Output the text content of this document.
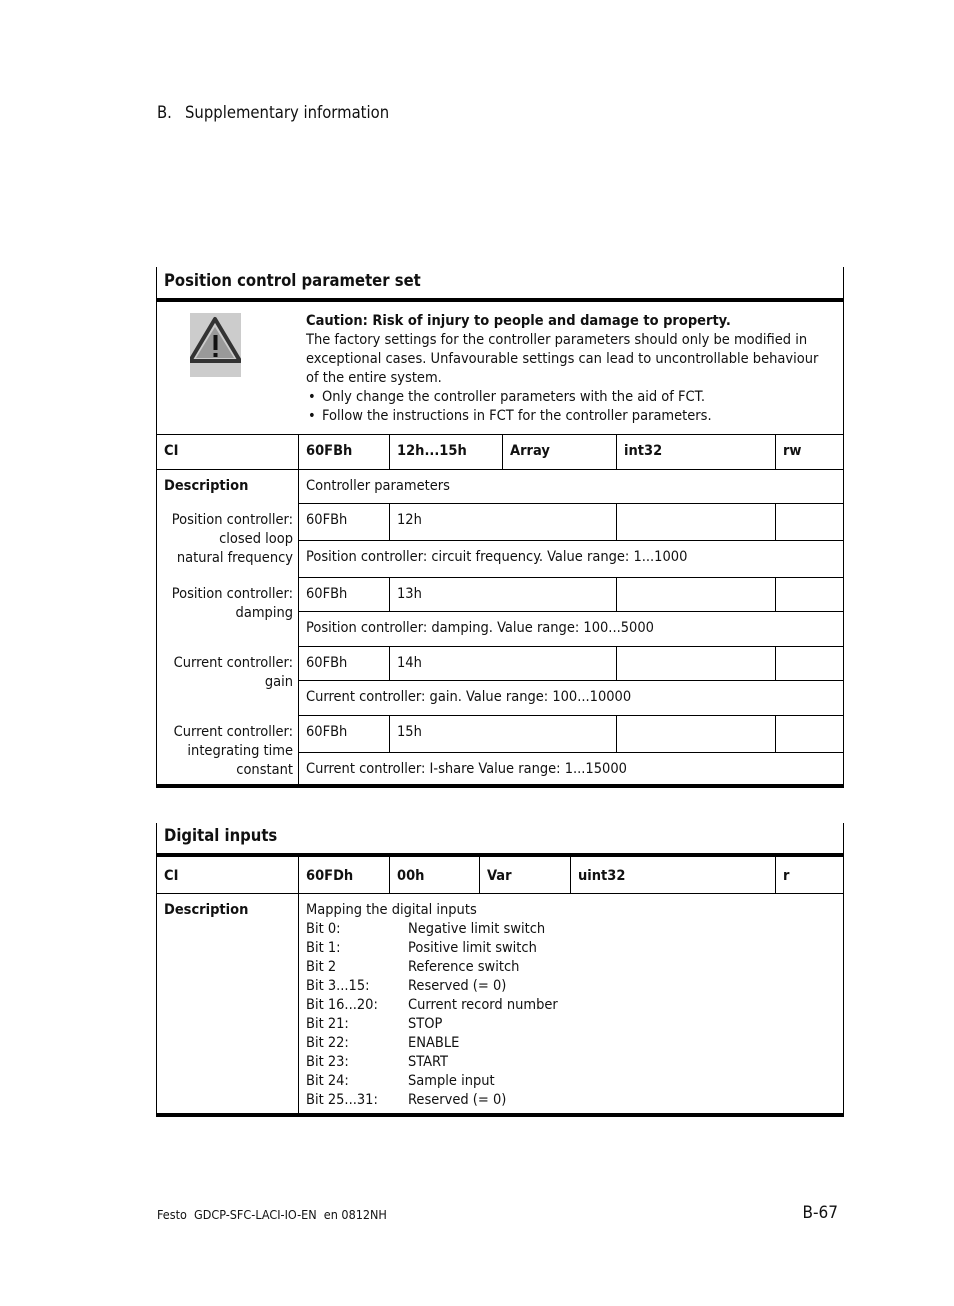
B. Supplementary information
Position control parameter set
Caution: Risk of injury to people and damage to property.
The factory settings for the controller parameters should only be modified in
exceptional cases. Unfavourable settings can lead to uncontrollable behaviour
of the entire system.
• Only change the controller parameters with the aid of FCT.
• Follow the instructions in FCT for the controller parameters.
CI	60FBh	12h...15h	Array	int32	rw
Description	Controller parameters
Position controller:
closed loop
natural frequency
60FBh	12h
Position controller: circuit frequency. Value range: 1...1000
Position controller:
damping
60FBh	13h
Position controller: damping. Value range: 100...5000
Current controller:
gain
60FBh	14h
Current controller: gain. Value range: 100...10000
Current controller:
integrating time
constant
60FBh	15h
Current controller: I-share Value range: 1...15000
Digital inputs
CI	60FDh	00h	Var	uint32	r
Description	Mapping the digital inputs
Bit 0:	Negative limit switch
Bit 1:	Positive limit switch
Bit 2	Reference switch
Bit 3...15:	Reserved (= 0)
Bit 16...20:	Current record number
Bit 21:	STOP
Bit 22:	ENABLE
Bit 23:	START
Bit 24:	Sample input
Bit 25...31:	Reserved (= 0)
Festo  GDCP-SFC-LACI-IO-EN  en 0812NH	B-67
